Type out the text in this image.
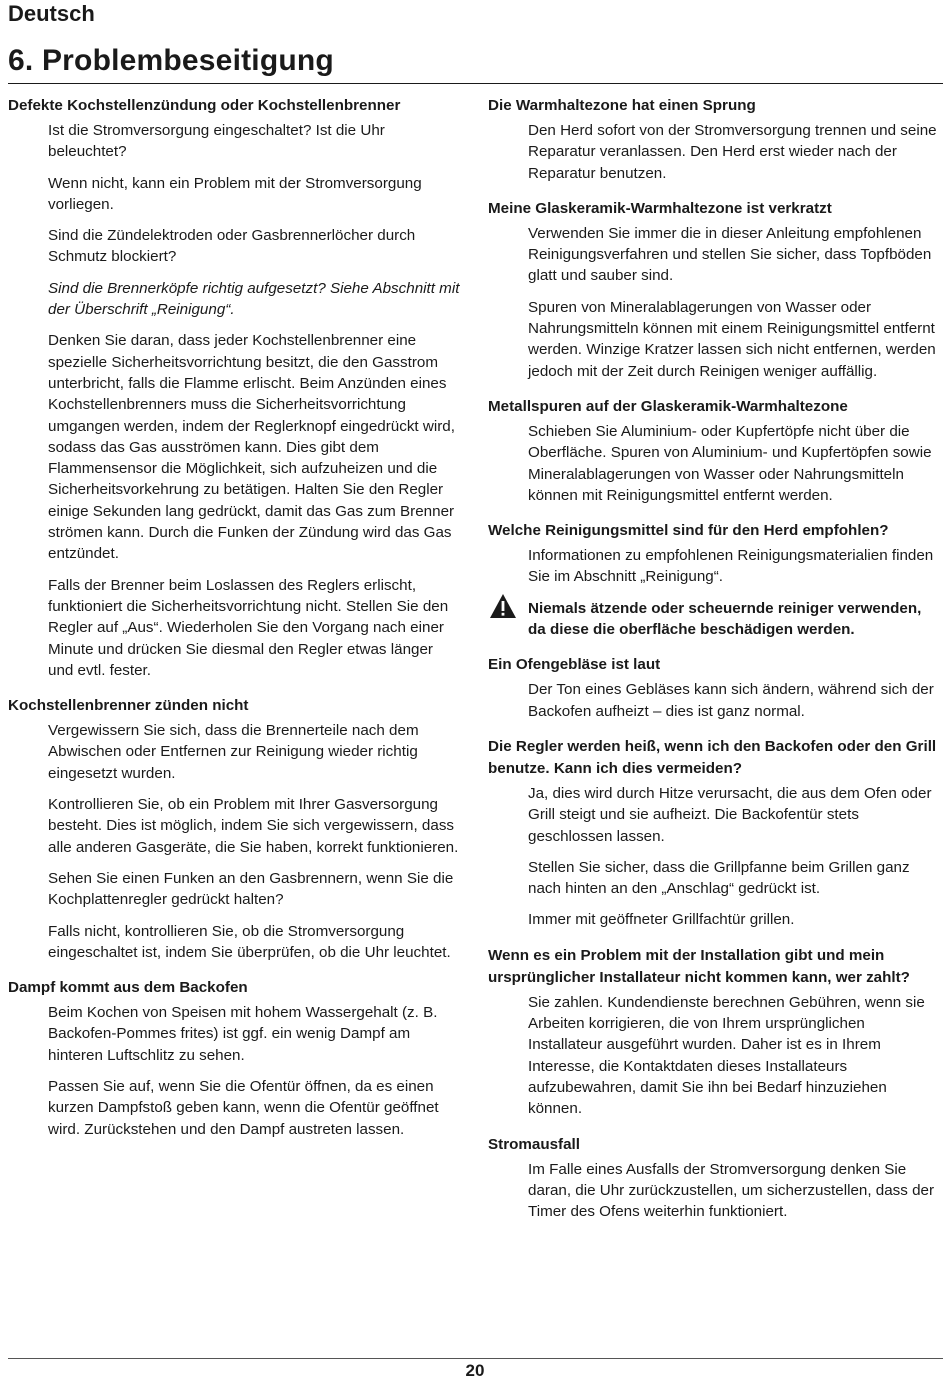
Deutsch
6. Problembeseitigung
Defekte Kochstellenzündung oder Kochstellenbrenner
Ist die Stromversorgung eingeschaltet? Ist die Uhr beleuchtet?
Wenn nicht, kann ein Problem mit der Stromversorgung vorliegen.
Sind die Zündelektroden oder Gasbrennerlöcher durch Schmutz blockiert?
Sind die Brennerköpfe richtig aufgesetzt? Siehe Abschnitt mit der Überschrift „Reinigung“.
Denken Sie daran, dass jeder Kochstellenbrenner eine spezielle Sicherheitsvorrichtung besitzt, die den Gasstrom unterbricht, falls die Flamme erlischt. Beim Anzünden eines Kochstellenbrenners muss die Sicherheitsvorrichtung umgangen werden, indem der Reglerknopf eingedrückt wird, sodass das Gas ausströmen kann. Dies gibt dem Flammensensor die Möglichkeit, sich aufzuheizen und die Sicherheitsvorkehrung zu betätigen. Halten Sie den Regler einige Sekunden lang gedrückt, damit das Gas zum Brenner strömen kann. Durch die Funken der Zündung wird das Gas entzündet.
Falls der Brenner beim Loslassen des Reglers erlischt, funktioniert die Sicherheitsvorrichtung nicht. Stellen Sie den Regler auf „Aus“. Wiederholen Sie den Vorgang nach einer Minute und drücken Sie diesmal den Regler etwas länger und evtl. fester.
Kochstellenbrenner zünden nicht
Vergewissern Sie sich, dass die Brennerteile nach dem Abwischen oder Entfernen zur Reinigung wieder richtig eingesetzt wurden.
Kontrollieren Sie, ob ein Problem mit Ihrer Gasversorgung besteht. Dies ist möglich, indem Sie sich vergewissern, dass alle anderen Gasgeräte, die Sie haben, korrekt funktionieren.
Sehen Sie einen Funken an den Gasbrennern, wenn Sie die Kochplattenregler gedrückt halten?
Falls nicht, kontrollieren Sie, ob die Stromversorgung eingeschaltet ist, indem Sie überprüfen, ob die Uhr leuchtet.
Dampf kommt aus dem Backofen
Beim Kochen von Speisen mit hohem Wassergehalt (z. B. Backofen-Pommes frites) ist ggf. ein wenig Dampf am hinteren Luftschlitz zu sehen.
Passen Sie auf, wenn Sie die Ofentür öffnen, da es einen kurzen Dampfstoß geben kann, wenn die Ofentür geöffnet wird. Zurückstehen und den Dampf austreten lassen.
Die Warmhaltezone hat einen Sprung
Den Herd sofort von der Stromversorgung trennen und seine Reparatur veranlassen. Den Herd erst wieder nach der Reparatur benutzen.
Meine Glaskeramik-Warmhaltezone ist verkratzt
Verwenden Sie immer die in dieser Anleitung empfohlenen Reinigungsverfahren und stellen Sie sicher, dass Topfböden glatt und sauber sind.
Spuren von Mineralablagerungen von Wasser oder Nahrungsmitteln können mit einem Reinigungsmittel entfernt werden. Winzige Kratzer lassen sich nicht entfernen, werden jedoch mit der Zeit durch Reinigen weniger auffällig.
Metallspuren auf der Glaskeramik-Warmhaltezone
Schieben Sie Aluminium- oder Kupfertöpfe nicht über die Oberfläche. Spuren von Aluminium- und Kupfertöpfen sowie Mineralablagerungen von Wasser oder Nahrungsmitteln können mit Reinigungsmittel entfernt werden.
Welche Reinigungsmittel sind für den Herd empfohlen?
Informationen zu empfohlenen Reinigungsmaterialien finden Sie im Abschnitt „Reinigung“.
Niemals ätzende oder scheuernde reiniger verwenden, da diese die oberfläche beschädigen werden.
Ein Ofengebläse ist laut
Der Ton eines Gebläses kann sich ändern, während sich der Backofen aufheizt – dies ist ganz normal.
Die Regler werden heiß, wenn ich den Backofen oder den Grill benutze. Kann ich dies vermeiden?
Ja, dies wird durch Hitze verursacht, die aus dem Ofen oder Grill steigt und sie aufheizt. Die Backofentür stets geschlossen lassen.
Stellen Sie sicher, dass die Grillpfanne beim Grillen ganz nach hinten an den „Anschlag“ gedrückt ist.
Immer mit geöffneter Grillfachtür grillen.
Wenn es ein Problem mit der Installation gibt und mein ursprünglicher Installateur nicht kommen kann, wer zahlt?
Sie zahlen. Kundendienste berechnen Gebühren, wenn sie Arbeiten korrigieren, die von Ihrem ursprünglichen Installateur ausgeführt wurden. Daher ist es in Ihrem Interesse, die Kontaktdaten dieses Installateurs aufzubewahren, damit Sie ihn bei Bedarf hinzuziehen können.
Stromausfall
Im Falle eines Ausfalls der Stromversorgung denken Sie daran, die Uhr zurückzustellen, um sicherzustellen, dass der Timer des Ofens weiterhin funktioniert.
20
